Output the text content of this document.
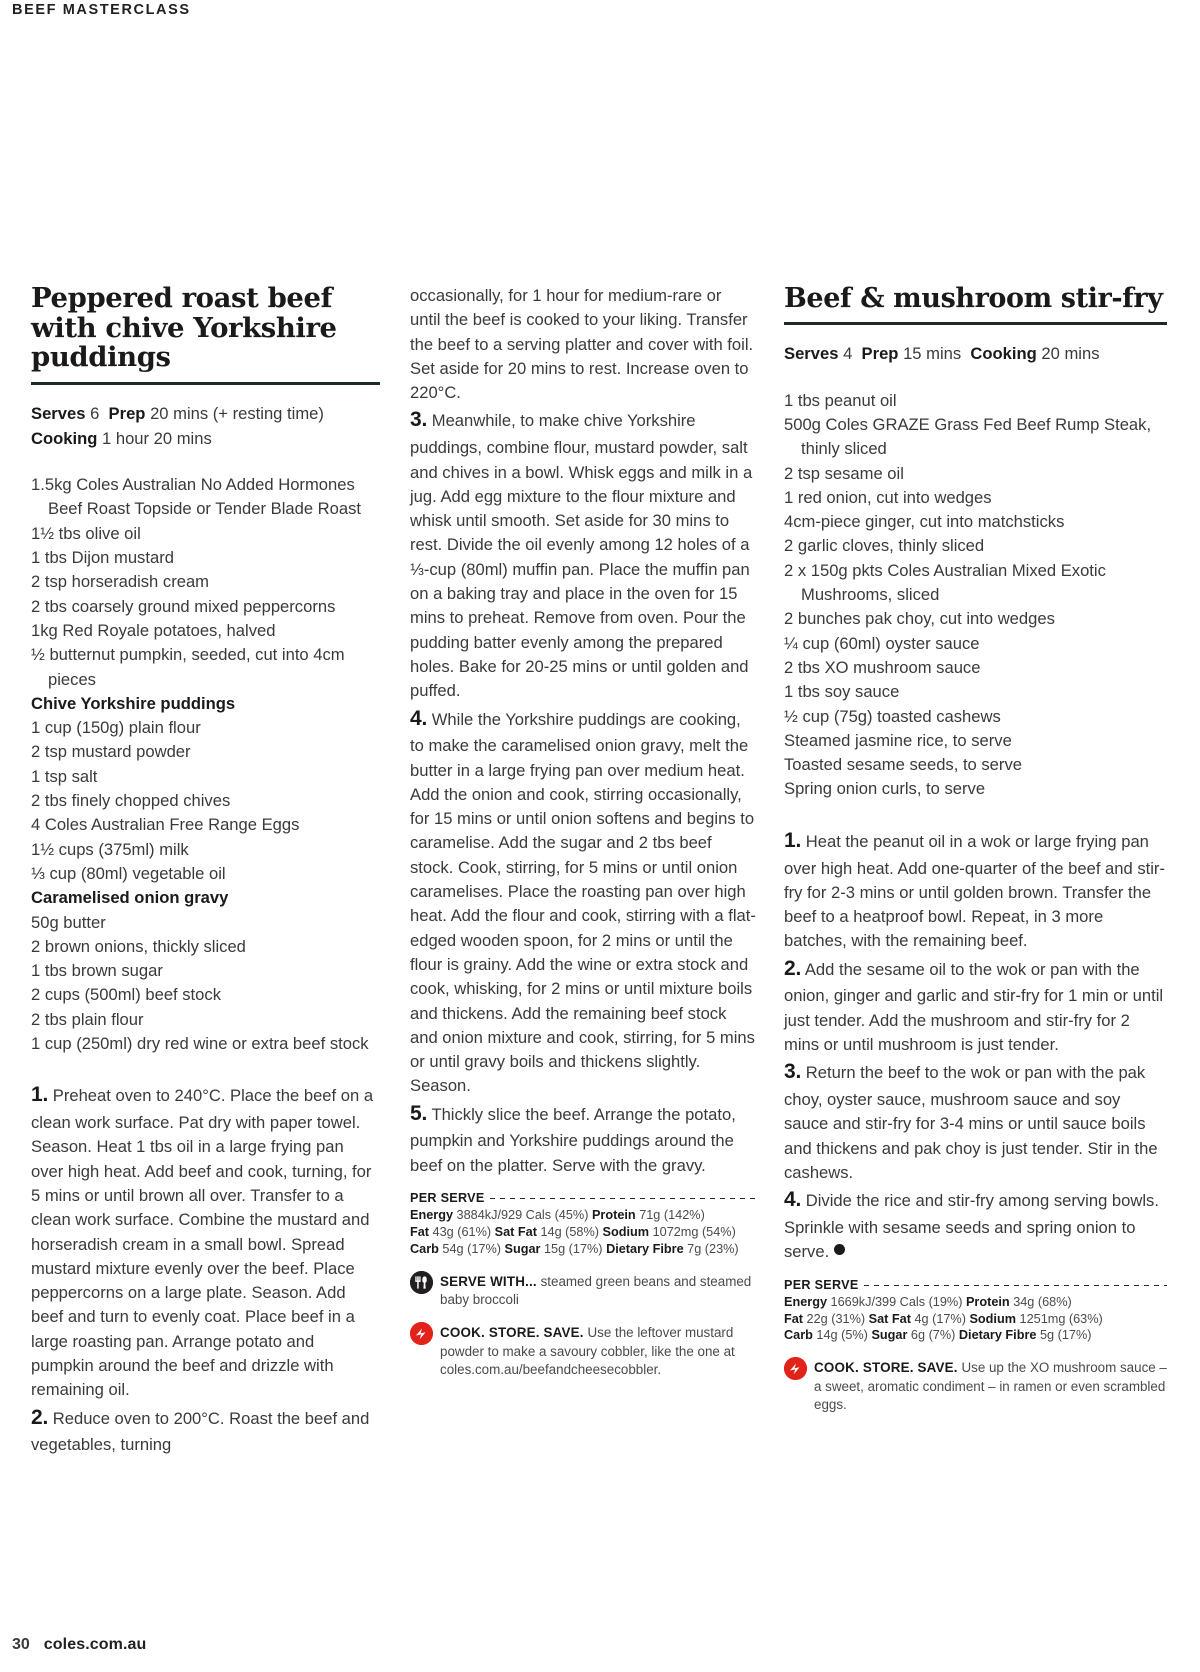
BEEF MASTERCLASS
Peppered roast beef with chive Yorkshire puddings

Serves 6 Prep 20 mins (+ resting time)
Cooking 1 hour 20 mins

1.5kg Coles Australian No Added Hormones Beef Roast Topside or Tender Blade Roast
1½ tbs olive oil
1 tbs Dijon mustard
2 tsp horseradish cream
2 tbs coarsely ground mixed peppercorns
1kg Red Royale potatoes, halved
½ butternut pumpkin, seeded, cut into 4cm pieces
Chive Yorkshire puddings
1 cup (150g) plain flour
2 tsp mustard powder
1 tsp salt
2 tbs finely chopped chives
4 Coles Australian Free Range Eggs
1½ cups (375ml) milk
⅓ cup (80ml) vegetable oil
Caramelised onion gravy
50g butter
2 brown onions, thickly sliced
1 tbs brown sugar
2 cups (500ml) beef stock
2 tbs plain flour
1 cup (250ml) dry red wine or extra beef stock

1. Preheat oven to 240°C. Place the beef on a clean work surface. Pat dry with paper towel. Season. Heat 1 tbs oil in a large frying pan over high heat. Add beef and cook, turning, for 5 mins or until brown all over. Transfer to a clean work surface. Combine the mustard and horseradish cream in a small bowl. Spread mustard mixture evenly over the beef. Place peppercorns on a large plate. Season. Add beef and turn to evenly coat. Place beef in a large roasting pan. Arrange potato and pumpkin around the beef and drizzle with remaining oil.

2. Reduce oven to 200°C. Roast the beef and vegetables, turning

occasionally, for 1 hour for medium-rare or until the beef is cooked to your liking. Transfer the beef to a serving platter and cover with foil. Set aside for 20 mins to rest. Increase oven to 220°C.

3. Meanwhile, to make chive Yorkshire puddings, combine flour, mustard powder, salt and chives in a bowl. Whisk eggs and milk in a jug. Add egg mixture to the flour mixture and whisk until smooth. Set aside for 30 mins to rest. Divide the oil evenly among 12 holes of a ⅓-cup (80ml) muffin pan. Place the muffin pan on a baking tray and place in the oven for 15 mins to preheat. Remove from oven. Pour the pudding batter evenly among the prepared holes. Bake for 20-25 mins or until golden and puffed.

4. While the Yorkshire puddings are cooking, to make the caramelised onion gravy, melt the butter in a large frying pan over medium heat. Add the onion and cook, stirring occasionally, for 15 mins or until onion softens and begins to caramelise. Add the sugar and 2 tbs beef stock. Cook, stirring, for 5 mins or until onion caramelises. Place the roasting pan over high heat. Add the flour and cook, stirring with a flat-edged wooden spoon, for 2 mins or until the flour is grainy. Add the wine or extra stock and cook, whisking, for 2 mins or until mixture boils and thickens. Add the remaining beef stock and onion mixture and cook, stirring, for 5 mins or until gravy boils and thickens slightly. Season.

5. Thickly slice the beef. Arrange the potato, pumpkin and Yorkshire puddings around the beef on the platter. Serve with the gravy.

PER SERVE
Energy 3884kJ/929 Cals (45%) Protein 71g (142%)
Fat 43g (61%) Sat Fat 14g (58%) Sodium 1072mg (54%)
Carb 54g (17%) Sugar 15g (17%) Dietary Fibre 7g (23%)
SERVE WITH... steamed green beans and steamed baby broccoli
COOK. STORE. SAVE. Use the leftover mustard powder to make a savoury cobbler, like the one at coles.com.au/beefandcheesecobbler.
Beef & mushroom stir-fry

Serves 4 Prep 15 mins Cooking 20 mins

1 tbs peanut oil
500g Coles GRAZE Grass Fed Beef Rump Steak, thinly sliced
2 tsp sesame oil
1 red onion, cut into wedges
4cm-piece ginger, cut into matchsticks
2 garlic cloves, thinly sliced
2 x 150g pkts Coles Australian Mixed Exotic Mushrooms, sliced
2 bunches pak choy, cut into wedges
¼ cup (60ml) oyster sauce
2 tbs XO mushroom sauce
1 tbs soy sauce
½ cup (75g) toasted cashews
Steamed jasmine rice, to serve
Toasted sesame seeds, to serve
Spring onion curls, to serve

1. Heat the peanut oil in a wok or large frying pan over high heat. Add one-quarter of the beef and stir-fry for 2-3 mins or until golden brown. Transfer the beef to a heatproof bowl. Repeat, in 3 more batches, with the remaining beef.

2. Add the sesame oil to the wok or pan with the onion, ginger and garlic and stir-fry for 1 min or until just tender. Add the mushroom and stir-fry for 2 mins or until mushroom is just tender.

3. Return the beef to the wok or pan with the pak choy, oyster sauce, mushroom sauce and soy sauce and stir-fry for 3-4 mins or until sauce boils and thickens and pak choy is just tender. Stir in the cashews.

4. Divide the rice and stir-fry among serving bowls. Sprinkle with sesame seeds and spring onion to serve.

PER SERVE
Energy 1669kJ/399 Cals (19%) Protein 34g (68%)
Fat 22g (31%) Sat Fat 4g (17%) Sodium 1251mg (63%)
Carb 14g (5%) Sugar 6g (7%) Dietary Fibre 5g (17%)
COOK. STORE. SAVE. Use up the XO mushroom sauce – a sweet, aromatic condiment – in ramen or even scrambled eggs.
30 coles.com.au
